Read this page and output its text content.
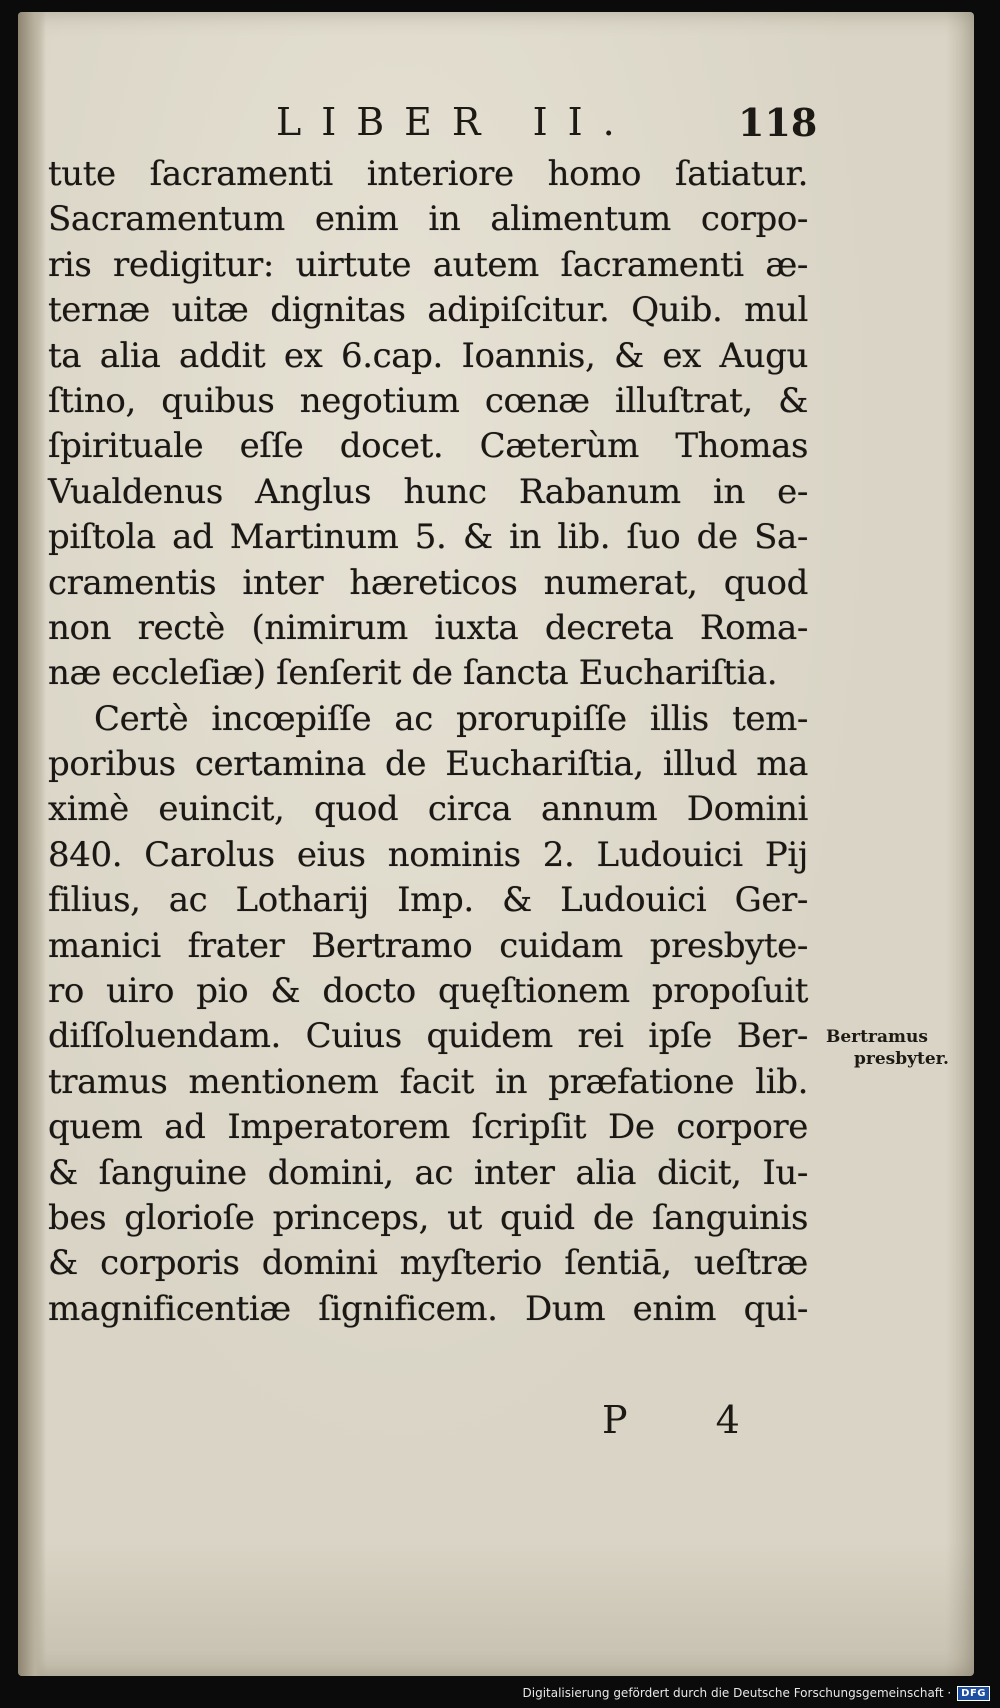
LIBER II.	118
tute ſacramenti interiore homo ſatiatur.
Sacramentum enim in alimentum corpo-
ris redigitur: uirtute autem ſacramenti æ-
ternæ uitæ dignitas adipiſcitur. Quib. mul
ta alia addit ex 6.cap. Ioannis, & ex Augu
ſtino, quibus negotium cœnæ illuſtrat, &
ſpirituale eſſe docet. Cæterùm Thomas
Vualdenus Anglus hunc Rabanum in e-
piſtola ad Martinum 5. & in lib. ſuo de Sa-
cramentis inter hæreticos numerat, quod
non rectè (nimirum iuxta decreta Roma-
næ eccleſiæ) ſenſerit de ſancta Euchariſtia.
Certè incœpiſſe ac prorupiſſe illis tem-
poribus certamina de Euchariſtia, illud ma
ximè euincit, quod circa annum Domini
840. Carolus eius nominis 2. Ludouici Pij
filius, ac Lotharij Imp. & Ludouici Ger-
manici frater Bertramo cuidam presbyte-
ro uiro pio & docto quęſtionem propoſuit
diſſoluendam. Cuius quidem rei ipſe Ber-
tramus mentionem facit in præfatione lib.
quem ad Imperatorem ſcripſit De corpore
& ſanguine domini, ac inter alia dicit, Iu-
bes glorioſe princeps, ut quid de ſanguinis
& corporis domini myſterio ſentiā, ueſtræ
magnificentiæ ſignificem. Dum enim qui-
Bertramus
presbyter.
P 4
Digitalisierung gefördert durch die Deutsche Forschungsgemeinschaft ·	DFG
